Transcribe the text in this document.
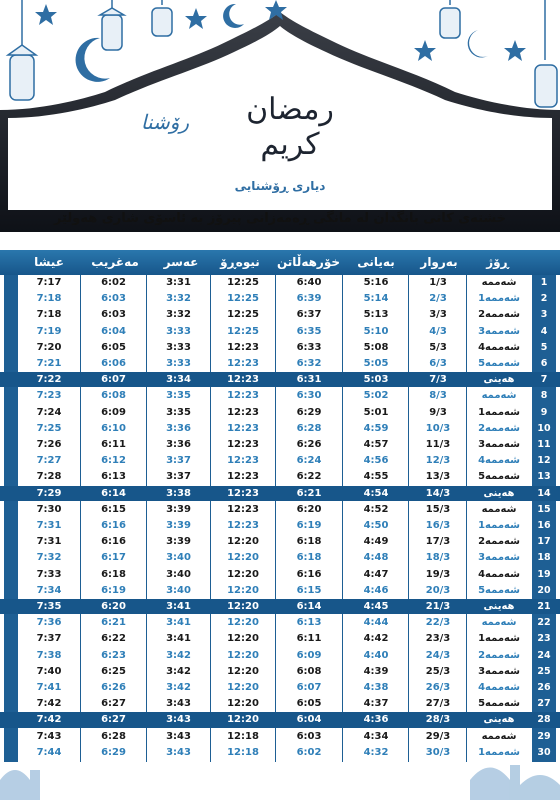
رمضان كريم
رۆشنا
دیاری ڕۆشنایی
خشتەی کاتی بانگدان لە مانگی ڕەمەزانی پیرۆز بە ئاسۆی شاری هەولێر
ڕۆژ
بەروار
بەیانی
خۆرهەڵاتن
نیوەڕۆ
عەسر
مەغریب
عیشا
1
شەممە
1/3
5:16
6:40
12:25
3:31
6:02
7:17
2
1شەممە
2/3
5:14
6:39
12:25
3:32
6:03
7:18
3
2شەممە
3/3
5:13
6:37
12:25
3:32
6:03
7:18
4
3شەممە
4/3
5:10
6:35
12:25
3:33
6:04
7:19
5
4شەممە
5/3
5:08
6:33
12:23
3:33
6:05
7:20
6
5شەممە
6/3
5:05
6:32
12:23
3:33
6:06
7:21
7
هەینی
7/3
5:03
6:31
12:23
3:34
6:07
7:22
8
شەممە
8/3
5:02
6:30
12:23
3:35
6:08
7:23
9
1شەممە
9/3
5:01
6:29
12:23
3:35
6:09
7:24
10
2شەممە
10/3
4:59
6:28
12:23
3:36
6:10
7:25
11
3شەممە
11/3
4:57
6:26
12:23
3:36
6:11
7:26
12
4شەممە
12/3
4:56
6:24
12:23
3:37
6:12
7:27
13
5شەممە
13/3
4:55
6:22
12:23
3:37
6:13
7:28
14
هەینی
14/3
4:54
6:21
12:23
3:38
6:14
7:29
15
شەممە
15/3
4:52
6:20
12:23
3:39
6:15
7:30
16
1شەممە
16/3
4:50
6:19
12:23
3:39
6:16
7:31
17
2شەممە
17/3
4:49
6:18
12:20
3:39
6:16
7:31
18
3شەممە
18/3
4:48
6:18
12:20
3:40
6:17
7:32
19
4شەممە
19/3
4:47
6:16
12:20
3:40
6:18
7:33
20
5شەممە
20/3
4:46
6:15
12:20
3:40
6:19
7:34
21
هەینی
21/3
4:45
6:14
12:20
3:41
6:20
7:35
22
شەممە
22/3
4:44
6:13
12:20
3:41
6:21
7:36
23
1شەممە
23/3
4:42
6:11
12:20
3:41
6:22
7:37
24
2شەممە
24/3
4:40
6:09
12:20
3:42
6:23
7:38
25
3شەممە
25/3
4:39
6:08
12:20
3:42
6:25
7:40
26
4شەممە
26/3
4:38
6:07
12:20
3:42
6:26
7:41
27
5شەممە
27/3
4:37
6:05
12:20
3:43
6:27
7:42
28
هەینی
28/3
4:36
6:04
12:20
3:43
6:27
7:42
29
شەممە
29/3
4:34
6:03
12:18
3:43
6:28
7:43
30
1شەممە
30/3
4:32
6:02
12:18
3:43
6:29
7:44
